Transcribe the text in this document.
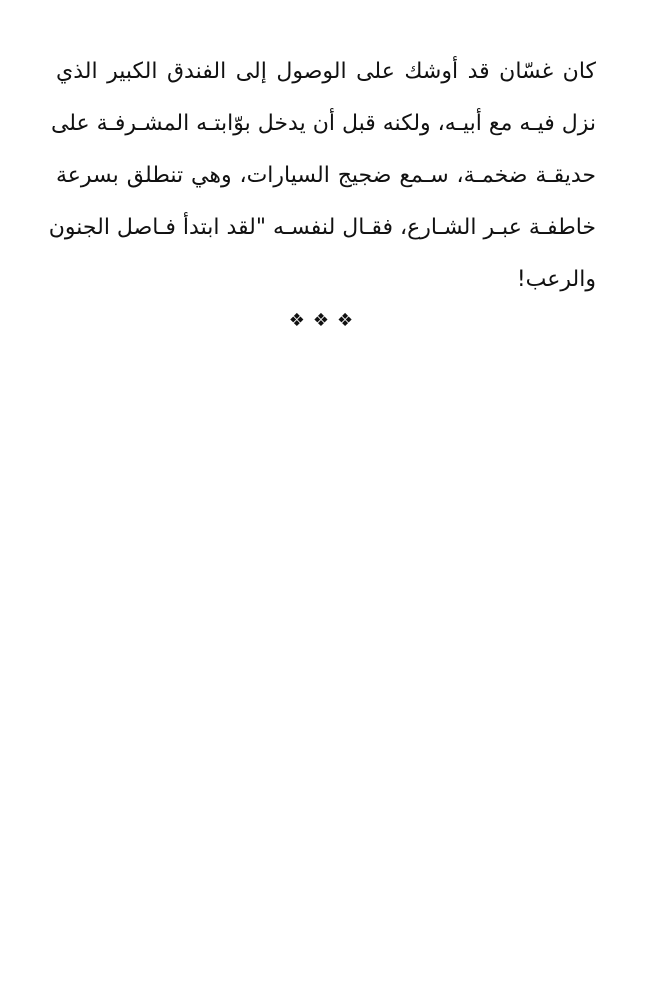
كان غسّان قد أوشك على الوصول إلى الفندق الكبير الذي
نزل فيـه مع أبيـه، ولكنه قبل أن يدخل بوّابتـه المشـرفـة على
حديقـة ضخمـة، سـمع ضجيج السيارات، وهي تنطلق بسرعة
خاطفـة عبـر الشـارع، فقـال لنفسـه "لقد ابتدأ فـاصل الجنون
والرعب!
❖❖❖
